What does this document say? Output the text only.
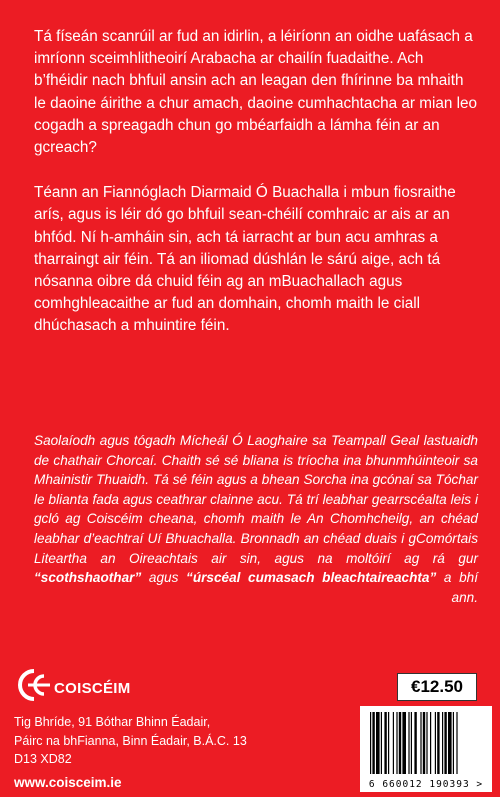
Tá físeán scanrúil ar fud an idirlin, a léiríonn an oidhe uafásach a imríonn sceimhlitheoirí Arabacha ar chailín fuadaithe. Ach b’fhéidir nach bhfuil ansin ach an leagan den fhírinne ba mhaith le daoine áirithe a chur amach, daoine cumhachtacha ar mian leo cogadh a spreagadh chun go mbéarfaidh a lámha féin ar an gcreach?

Téann an Fiannóglach Diarmaid Ó Buachalla i mbun fiosraithe arís, agus is léir dó go bhfuil sean-chéilí comhraic ar ais ar an bhfód. Ní h-amháin sin, ach tá iarracht ar bun acu amhras a tharraingt air féin. Tá an iliomad dúshlán le sárú aige, ach tá nósanna oibre dá chuid féin ag an mBuachallach agus comhghleacaithe ar fud an domhain, chomh maith le ciall dhúchasach a mhuintire féin.

Saolaíodh agus tógadh Mícheál Ó Laoghaire sa Teampall Geal lastuaidh de chathair Chorcaí. Chaith sé sé bliana is tríocha ina bhunmhúinteoir sa Mhainistir Thuaidh. Tá sé féin agus a bhean Sorcha ina gcónaí sa Tóchar le blianta fada agus ceathrar clainne acu. Tá trí leabhar gearrscéalta leis i gcló ag Coiscéim cheana, chomh maith le An Chomhcheilg, an chéad leabhar d’eachtraí Uí Bhuachalla. Bronnadh an chéad duais i gComórtais Liteartha an Oireachtais air sin, agus na moltóirí ag rá gur “scothshaothar” agus “úrscéal cumasach bleachtaireachta” a bhí ann.
COISCÉIM
Tig Bhríde, 91 Bóthar Bhinn Éadair,
Páirc na bhFianna, Binn Éadair, B.Á.C. 13
D13 XD82
www.coisceim.ie
€12.50
6 660012 190393 >
